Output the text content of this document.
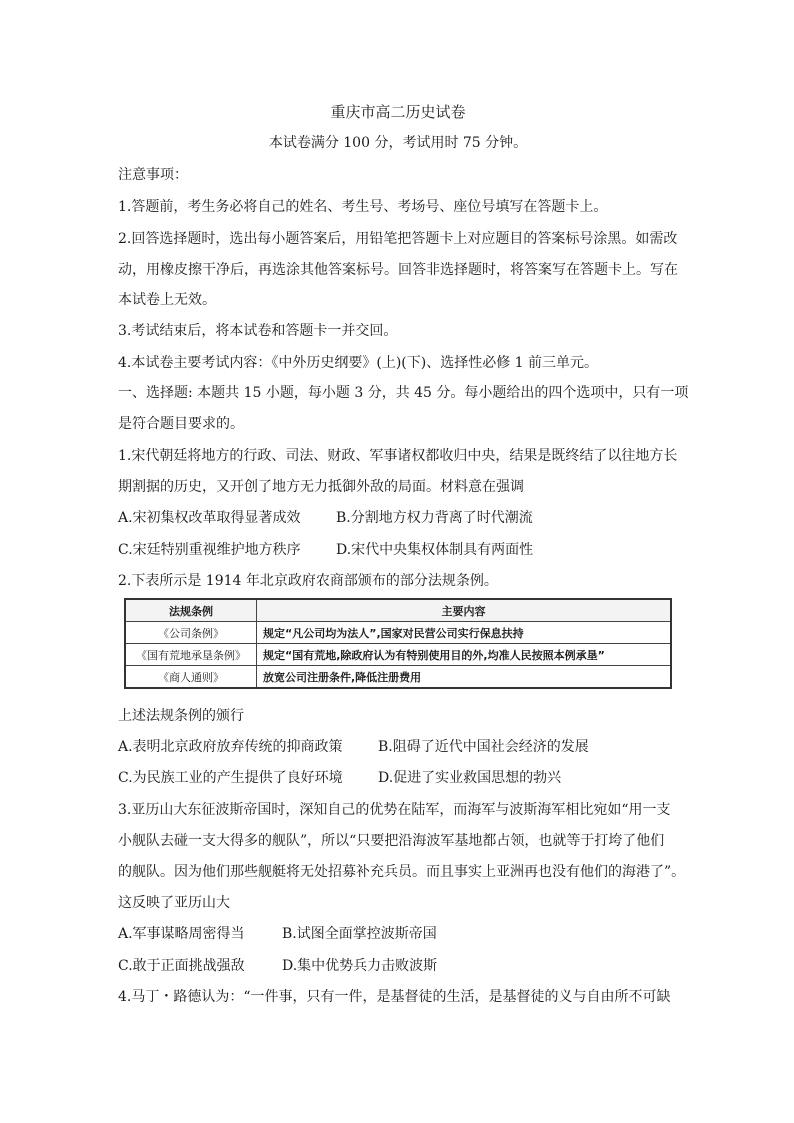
重庆市高二历史试卷
本试卷满分 100 分，考试用时 75 分钟。
注意事项：
1.答题前，考生务必将自己的姓名、考生号、考场号、座位号填写在答题卡上。
2.回答选择题时，选出每小题答案后，用铅笔把答题卡上对应题目的答案标号涂黑。如需改
动，用橡皮擦干净后，再选涂其他答案标号。回答非选择题时，将答案写在答题卡上。写在
本试卷上无效。
3.考试结束后，将本试卷和答题卡一并交回。
4.本试卷主要考试内容：《中外历史纲要》(上)(下)、选择性必修 1 前三单元。
一、选择题: 本题共 15 小题，每小题 3 分，共 45 分。每小题给出的四个选项中，只有一项
是符合题目要求的。
1.宋代朝廷将地方的行政、司法、财政、军事诸权都收归中央，结果是既终结了以往地方长
期割据的历史，又开创了地方无力抵御外敌的局面。材料意在强调
A.宋初集权改革取得显著成效	B.分割地方权力背离了时代潮流
C.宋廷特别重视维护地方秩序	D.宋代中央集权体制具有两面性
2.下表所示是 1914 年北京政府农商部颁布的部分法规条例。
法规条例	主要内容
《公司条例》	规定“凡公司均为法人”,国家对民营公司实行保息扶持
《国有荒地承垦条例》	规定“国有荒地,除政府认为有特别使用目的外,均准人民按照本例承垦”
《商人通则》	放宽公司注册条件,降低注册费用
上述法规条例的颁行
A.表明北京政府放弃传统的抑商政策	B.阻碍了近代中国社会经济的发展
C.为民族工业的产生提供了良好环境	D.促进了实业救国思想的勃兴
3.亚历山大东征波斯帝国时，深知自己的优势在陆军，而海军与波斯海军相比宛如“用一支
小舰队去碰一支大得多的舰队”，所以“只要把沿海波军基地都占领，也就等于打垮了他们
的舰队。因为他们那些舰艇将无处招募补充兵员。而且事实上亚洲再也没有他们的海港了”。
这反映了亚历山大
A.军事谋略周密得当	B.试图全面掌控波斯帝国
C.敢于正面挑战强敌	D.集中优势兵力击败波斯
4.马丁・路德认为：“一件事，只有一件，是基督徒的生活，是基督徒的义与自由所不可缺
